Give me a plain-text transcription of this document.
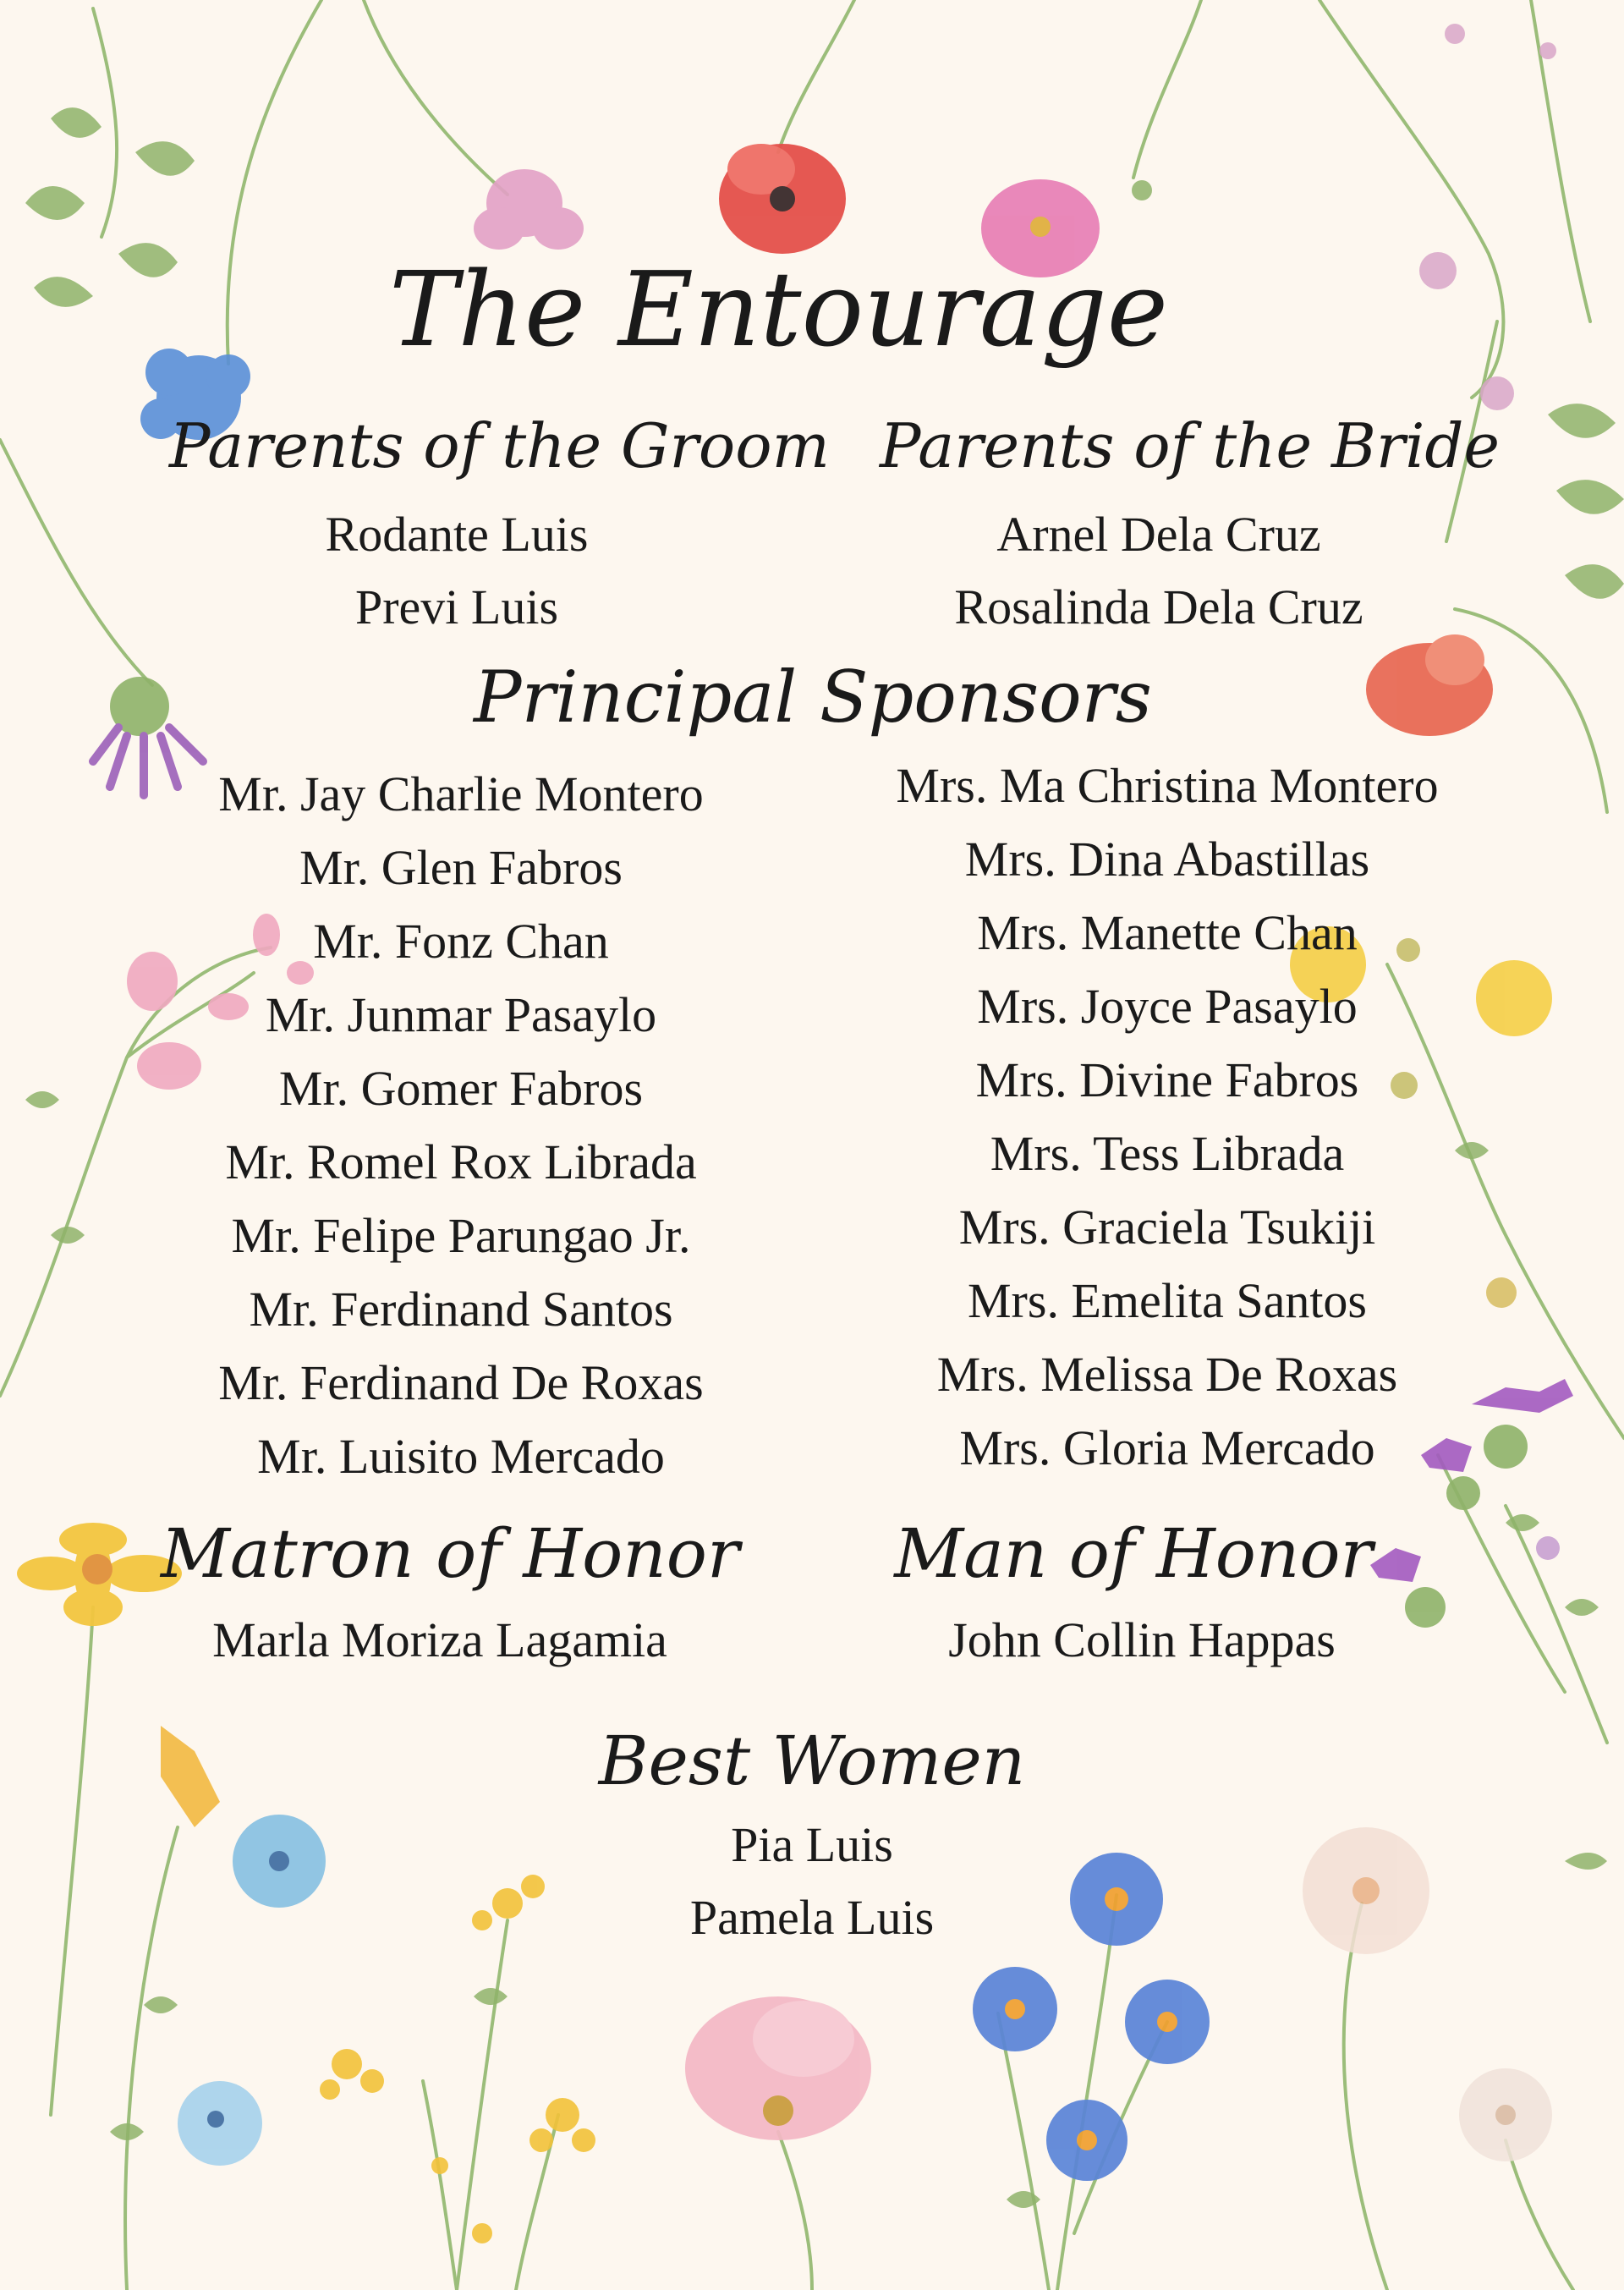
The Entourage
Parents of the Groom
Rodante Luis
Previ Luis
Parents of the Bride
Arnel Dela Cruz
Rosalinda Dela Cruz
Principal Sponsors
Mr. Jay Charlie Montero
Mr. Glen Fabros
Mr. Fonz Chan
Mr. Junmar Pasaylo
Mr. Gomer Fabros
Mr. Romel Rox Librada
Mr. Felipe Parungao Jr.
Mr. Ferdinand Santos
Mr. Ferdinand De Roxas
Mr. Luisito Mercado
Mrs. Ma Christina Montero
Mrs. Dina Abastillas
Mrs. Manette Chan
Mrs. Joyce Pasaylo
Mrs. Divine Fabros
Mrs. Tess Librada
Mrs. Graciela Tsukiji
Mrs. Emelita Santos
Mrs. Melissa De Roxas
Mrs. Gloria Mercado
Matron of Honor
Marla Moriza Lagamia
Man of Honor
John Collin Happas
Best Women
Pia Luis
Pamela Luis
